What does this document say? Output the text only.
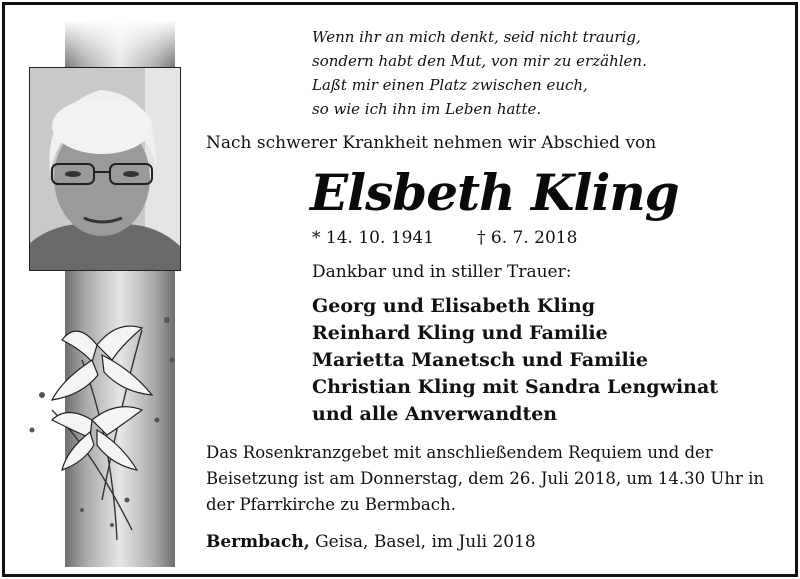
Wenn ihr an mich denkt, seid nicht traurig,
sondern habt den Mut, von mir zu erzählen.
Laßt mir einen Platz zwischen euch,
so wie ich ihn im Leben hatte.
Nach schwerer Krankheit nehmen wir Abschied von
Elsbeth Kling
* 14. 10. 1941	† 6. 7. 2018
Dankbar und in stiller Trauer:
Georg und Elisabeth Kling
Reinhard Kling und Familie
Marietta Manetsch und Familie
Christian Kling mit Sandra Lengwinat
und alle Anverwandten
Das Rosenkranzgebet mit anschließendem Requiem und der
Beisetzung ist am Donnerstag, dem 26. Juli 2018, um 14.30 Uhr in
der Pfarrkirche zu Bermbach.
Bermbach, Geisa, Basel, im Juli 2018
